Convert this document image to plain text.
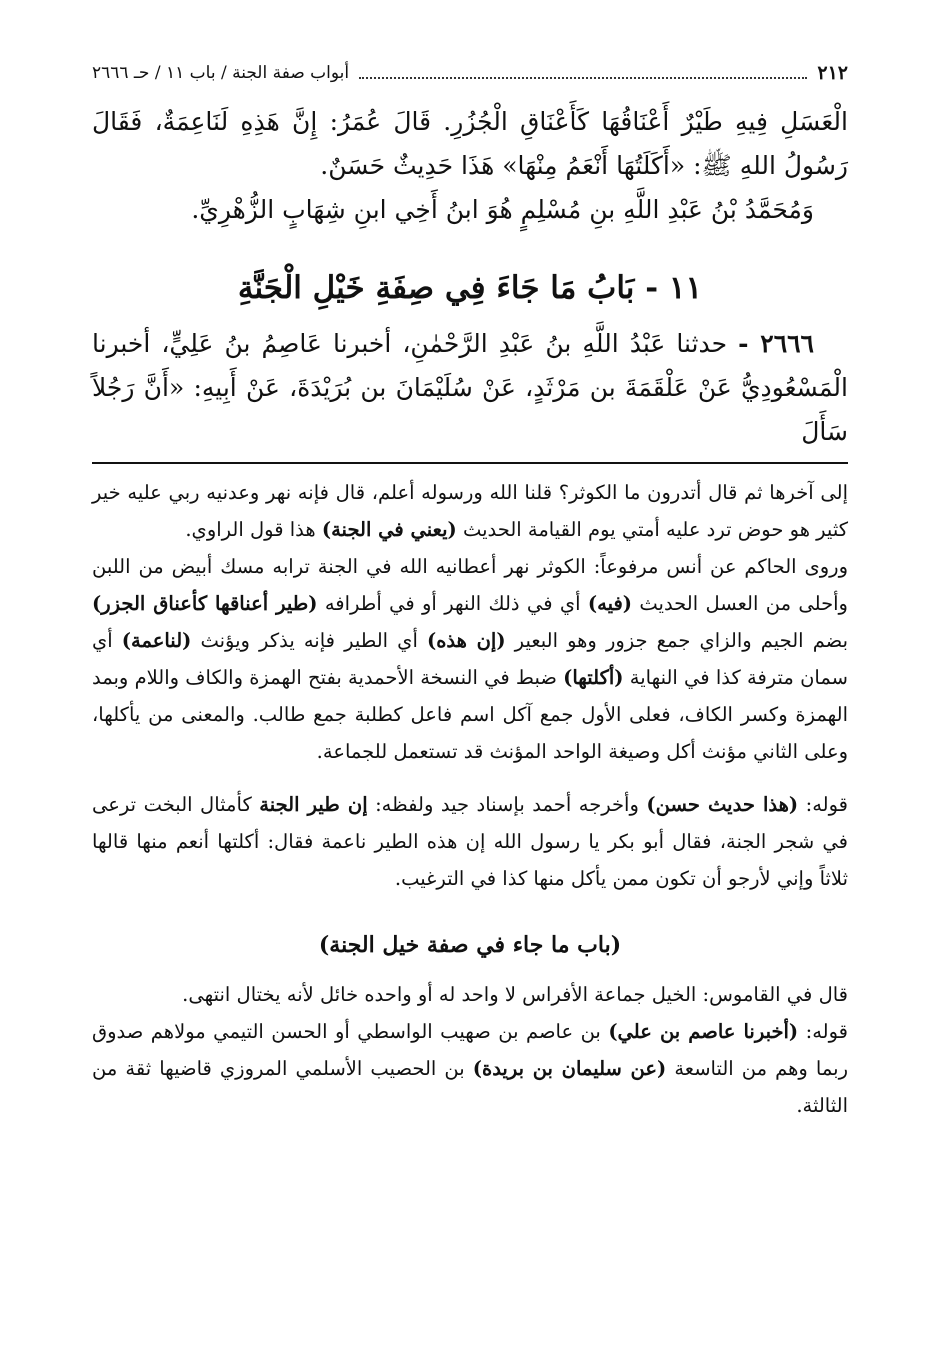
٢١٢
أبواب صفة الجنة / باب ١١ / حـ ٢٦٦٦

الْعَسَلِ فِيهِ طَيْرٌ أَعْنَاقُهَا كَأَعْنَاقِ الْجُزُرِ. قَالَ عُمَرُ: إِنَّ هَذِهِ لَنَاعِمَةٌ، فَقَالَ رَسُولُ اللهِ ﷺ: «أَكَلَتُهَا أَنْعَمُ مِنْهَا» هَذَا حَدِيثٌ حَسَنٌ.

وَمُحَمَّدُ بْنُ عَبْدِ اللَّهِ بنِ مُسْلِمٍ هُوَ ابنُ أَخِي ابنِ شِهَابٍ الزُّهْرِيِّ.

١١ - بَابُ مَا جَاءَ فِي صِفَةِ خَيْلِ الْجَنَّةِ

٢٦٦٦ - حدثنا عَبْدُ اللَّهِ بنُ عَبْدِ الرَّحْمٰنِ، أخبرنا عَاصِمُ بنُ عَلِيٍّ، أخبرنا الْمَسْعُودِيُّ عَنْ عَلْقَمَةَ بن مَرْثَدٍ، عَنْ سُلَيْمَانَ بن بُرَيْدَةَ، عَنْ أَبِيهِ: «أَنَّ رَجُلاً سَأَلَ

إلى آخرها ثم قال أتدرون ما الكوثر؟ قلنا الله ورسوله أعلم، قال فإنه نهر وعدنيه ربي عليه خير كثير هو حوض ترد عليه أمتي يوم القيامة الحديث (يعني في الجنة) هذا قول الراوي.

وروى الحاكم عن أنس مرفوعاً: الكوثر نهر أعطانيه الله في الجنة ترابه مسك أبيض من اللبن وأحلى من العسل الحديث (فيه) أي في ذلك النهر أو في أطرافه (طير أعناقها كأعناق الجزر) بضم الجيم والزاي جمع جزور وهو البعير (إن هذه) أي الطير فإنه يذكر ويؤنث (لناعمة) أي سمان مترفة كذا في النهاية (أكلتها) ضبط في النسخة الأحمدية بفتح الهمزة والكاف واللام وبمد الهمزة وكسر الكاف، فعلى الأول جمع آكل اسم فاعل كطلبة جمع طالب. والمعنى من يأكلها، وعلى الثاني مؤنث أكل وصيغة الواحد المؤنث قد تستعمل للجماعة.

قوله: (هذا حديث حسن) وأخرجه أحمد بإسناد جيد ولفظه: إن طير الجنة كأمثال البخت ترعى في شجر الجنة، فقال أبو بكر يا رسول الله إن هذه الطير ناعمة فقال: أكلتها أنعم منها قالها ثلاثاً وإني لأرجو أن تكون ممن يأكل منها كذا في الترغيب.

(باب ما جاء في صفة خيل الجنة)

قال في القاموس: الخيل جماعة الأفراس لا واحد له أو واحده خائل لأنه يختال انتهى.

قوله: (أخبرنا عاصم بن علي) بن عاصم بن صهيب الواسطي أو الحسن التيمي مولاهم صدوق ربما وهم من التاسعة (عن سليمان بن بريدة) بن الحصيب الأسلمي المروزي قاضيها ثقة من الثالثة.
